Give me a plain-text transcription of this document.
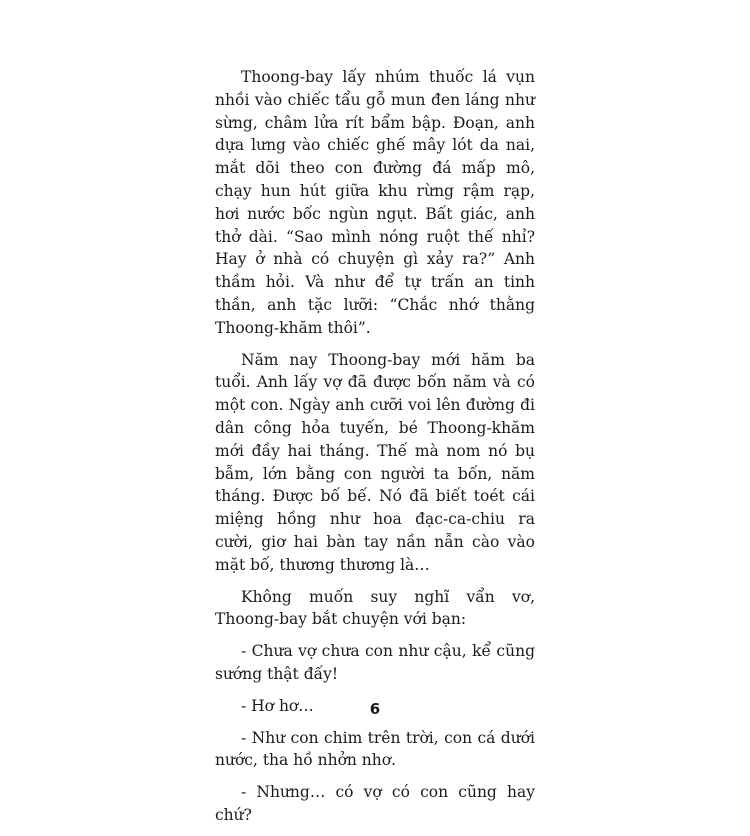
Thoong-bay lấy nhúm thuốc lá vụn nhồi vào chiếc tẩu gỗ mun đen láng như sừng, châm lửa rít bẩm bập. Đoạn, anh dựa lưng vào chiếc ghế mây lót da nai, mắt dõi theo con đường đá mấp mô, chạy hun hút giữa khu rừng rậm rạp, hơi nước bốc ngùn ngụt. Bất giác, anh thở dài. “Sao mình nóng ruột thế nhỉ? Hay ở nhà có chuyện gì xảy ra?” Anh thầm hỏi. Và như để tự trấn an tinh thần, anh tặc lưỡi: “Chắc nhớ thằng Thoong-khăm thôi”.

Năm nay Thoong-bay mới hăm ba tuổi. Anh lấy vợ đã được bốn năm và có một con. Ngày anh cưỡi voi lên đường đi dân công hỏa tuyến, bé Thoong-khăm mới đầy hai tháng. Thế mà nom nó bụ bẫm, lớn bằng con người ta bốn, năm tháng. Được bố bế. Nó đã biết toét cái miệng hồng như hoa đạc-ca-chiu ra cười, giơ hai bàn tay nần nẫn cào vào mặt bố, thương thương là…

Không muốn suy nghĩ vẩn vơ, Thoong-bay bắt chuyện với bạn:

- Chưa vợ chưa con như cậu, kể cũng sướng thật đấy!

- Hơ hơ…

- Như con chim trên trời, con cá dưới nước, tha hồ nhởn nhơ.

- Nhưng… có vợ có con cũng hay chứ?

6
